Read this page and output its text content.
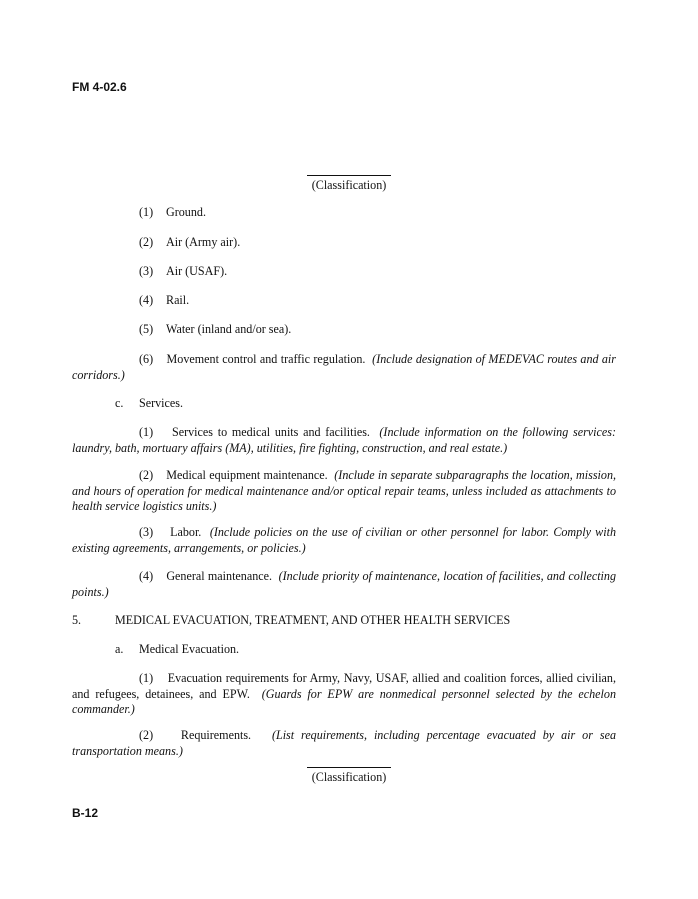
FM 4-02.6
(Classification)
(1) Ground.
(2) Air (Army air).
(3) Air (USAF).
(4) Rail.
(5) Water (inland and/or sea).
(6) Movement control and traffic regulation. (Include designation of MEDEVAC routes and air corridors.)
c. Services.
(1) Services to medical units and facilities. (Include information on the following services: laundry, bath, mortuary affairs (MA), utilities, fire fighting, construction, and real estate.)
(2) Medical equipment maintenance. (Include in separate subparagraphs the location, mission, and hours of operation for medical maintenance and/or optical repair teams, unless included as attachments to health service logistics units.)
(3) Labor. (Include policies on the use of civilian or other personnel for labor. Comply with existing agreements, arrangements, or policies.)
(4) General maintenance. (Include priority of maintenance, location of facilities, and collecting points.)
5.	MEDICAL EVACUATION, TREATMENT, AND OTHER HEALTH SERVICES
a. Medical Evacuation.
(1) Evacuation requirements for Army, Navy, USAF, allied and coalition forces, allied civilian, and refugees, detainees, and EPW. (Guards for EPW are nonmedical personnel selected by the echelon commander.)
(2) Requirements. (List requirements, including percentage evacuated by air or sea transportation means.)
(Classification)
B-12
